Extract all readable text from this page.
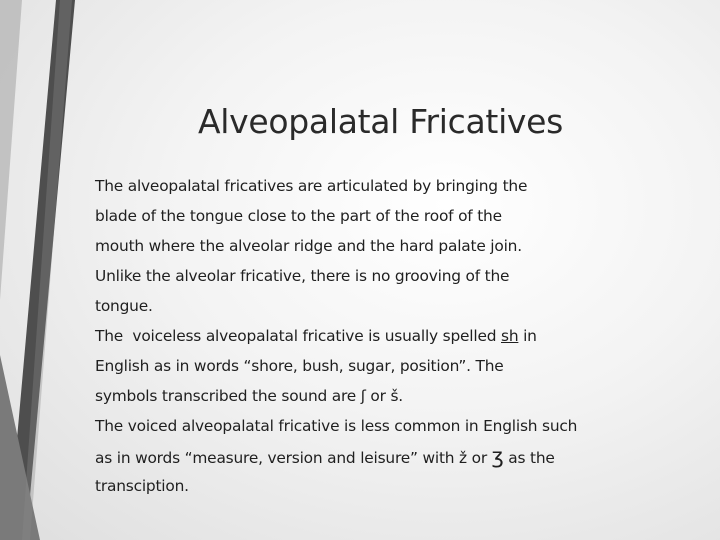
Alveopalatal Fricatives
The alveopalatal fricatives are articulated by bringing the
blade of the tongue close to the part of the roof of the
mouth where the alveolar ridge and the hard palate join.
Unlike the alveolar fricative, there is no grooving of the
tongue.
The  voiceless alveopalatal fricative is usually spelled sh in
English as in words “shore, bush, sugar, position”. The
symbols transcribed the sound are ʃ or š.
The voiced alveopalatal fricative is less common in English such
as in words “measure, version and leisure” with ž or ʒ as the
transciption.
